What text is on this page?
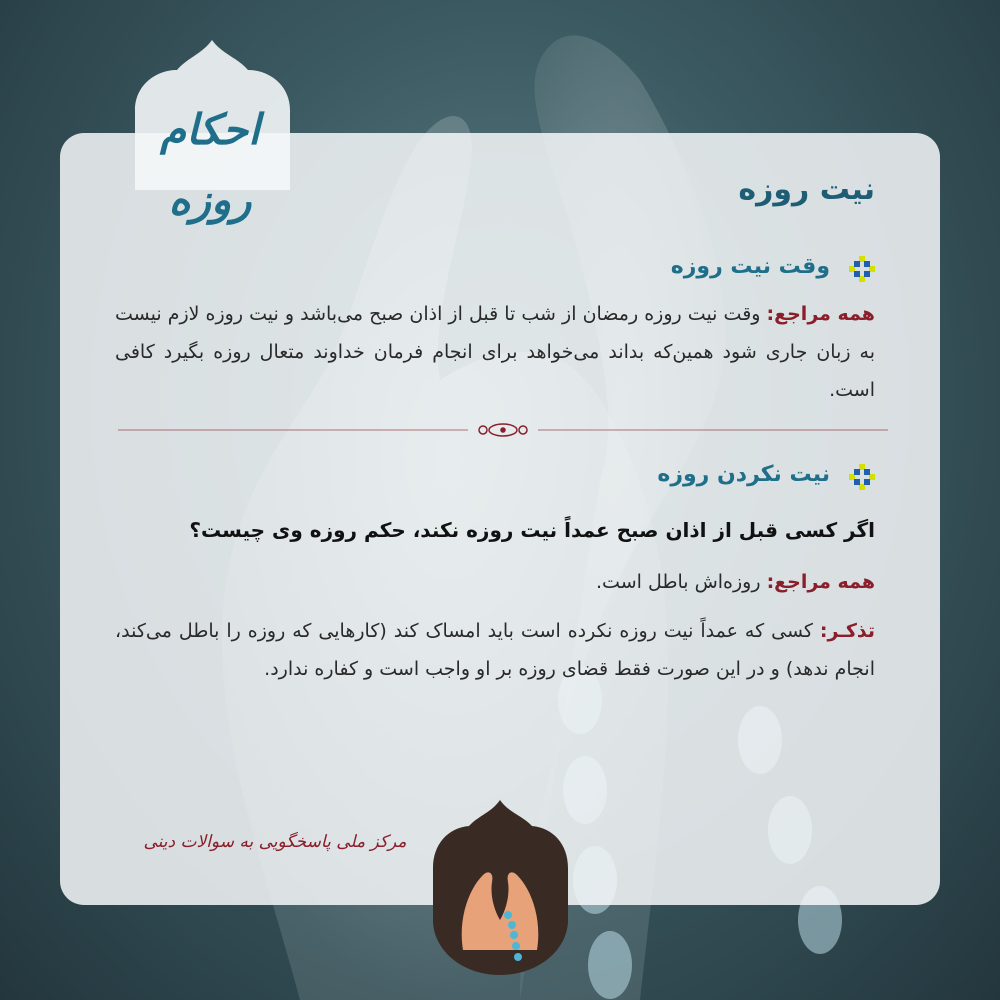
احکام روزه	نیت روزه
وقت نیت روزه
همه مراجع: وقت نیت روزه رمضان از شب تا قبل از اذان صبح می‌باشد و نیت روزه لازم نیست به زبان جاری شود همین‌که بداند می‌خواهد برای انجام فرمان خداوند متعال روزه بگیرد کافی است.
نیت نکردن روزه
اگر کسی قبل از اذان صبح عمداً نیت روزه نکند، حکم روزه وی چیست؟
همه مراجع: روزه‌اش باطل است.
تذکـر: کسی که عمداً نیت روزه نکرده است باید امساک کند (کارهایی که روزه را باطل می‌کند، انجام ندهد) و در این صورت فقط قضای روزه بر او واجب است و کفاره ندارد.
مرکز ملی پاسخگویی به سوالات دینی
